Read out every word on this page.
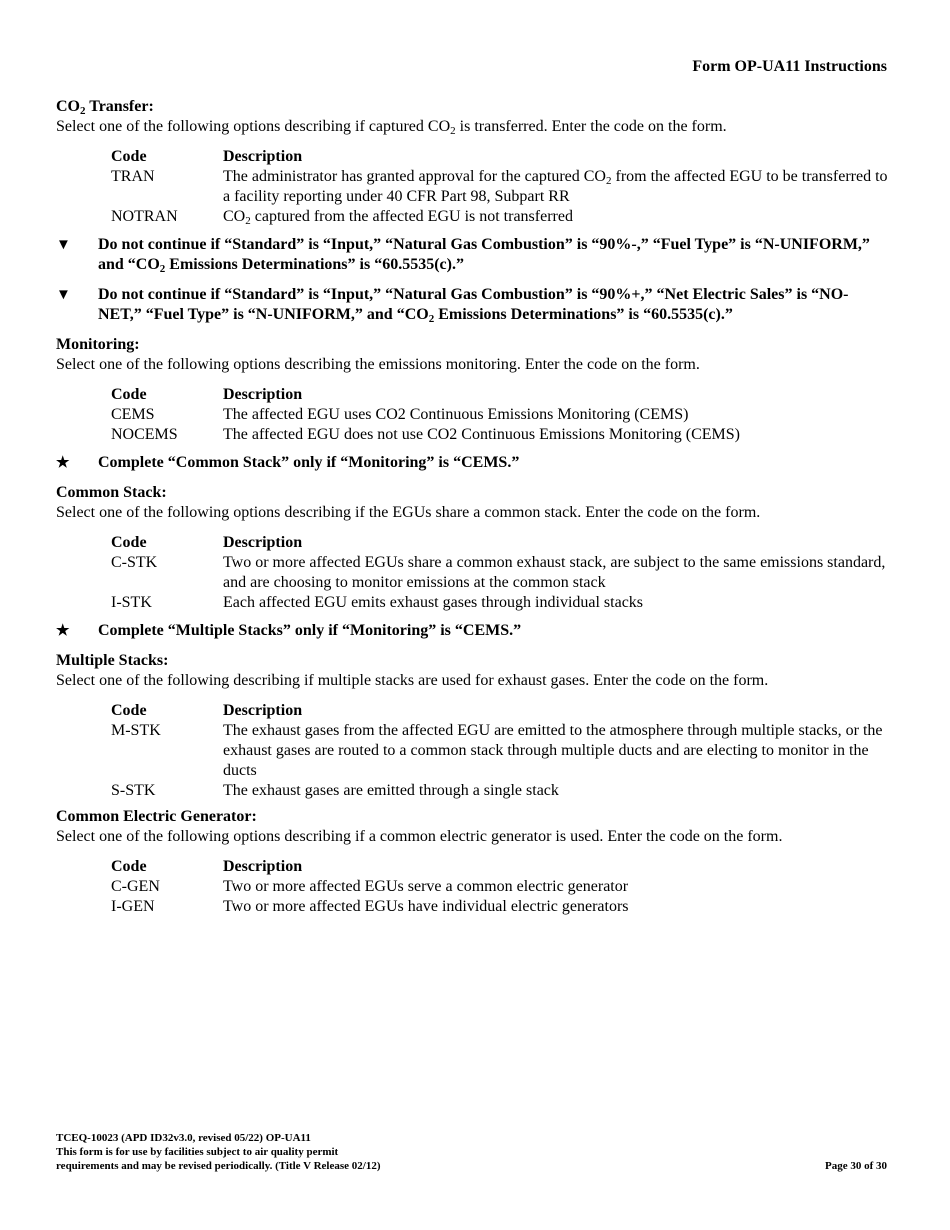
Form OP-UA11 Instructions
$CO_2$ Transfer:
Select one of the following options describing if captured $CO_2$ is transferred. Enter the code on the form.
Code	Description
TRAN	The administrator has granted approval for the captured $CO_2$ from the affected EGU to be transferred to a facility reporting under 40 CFR Part 98, Subpart RR
NOTRAN	$CO_2$ captured from the affected EGU is not transferred
▼	Do not continue if “Standard” is “Input,” “Natural Gas Combustion” is “90%-,” “Fuel Type” is “N-UNIFORM,” and “$CO_2$ Emissions Determinations” is “60.5535(c).”
▼	Do not continue if “Standard” is “Input,” “Natural Gas Combustion” is “90%+,” “Net Electric Sales” is “NO-NET,” “Fuel Type” is “N-UNIFORM,” and “$CO_2$ Emissions Determinations” is “60.5535(c).”
Monitoring:
Select one of the following options describing the emissions monitoring. Enter the code on the form.
Code	Description
CEMS	The affected EGU uses CO2 Continuous Emissions Monitoring (CEMS)
NOCEMS	The affected EGU does not use CO2 Continuous Emissions Monitoring (CEMS)
★	Complete “Common Stack” only if “Monitoring” is “CEMS.”
Common Stack:
Select one of the following options describing if the EGUs share a common stack. Enter the code on the form.
Code	Description
C-STK	Two or more affected EGUs share a common exhaust stack, are subject to the same emissions standard, and are choosing to monitor emissions at the common stack
I-STK	Each affected EGU emits exhaust gases through individual stacks
★	Complete “Multiple Stacks” only if “Monitoring” is “CEMS.”
Multiple Stacks:
Select one of the following describing if multiple stacks are used for exhaust gases. Enter the code on the form.
Code	Description
M-STK	The exhaust gases from the affected EGU are emitted to the atmosphere through multiple stacks, or the exhaust gases are routed to a common stack through multiple ducts and are electing to monitor in the ducts
S-STK	The exhaust gases are emitted through a single stack
Common Electric Generator:
Select one of the following options describing if a common electric generator is used. Enter the code on the form.
Code	Description
C-GEN	Two or more affected EGUs serve a common electric generator
I-GEN	Two or more affected EGUs have individual electric generators
TCEQ-10023 (APD ID32v3.0, revised 05/22) OP-UA11
This form is for use by facilities subject to air quality permit
requirements and may be revised periodically. (Title V Release 02/12)	Page 30 of 30
